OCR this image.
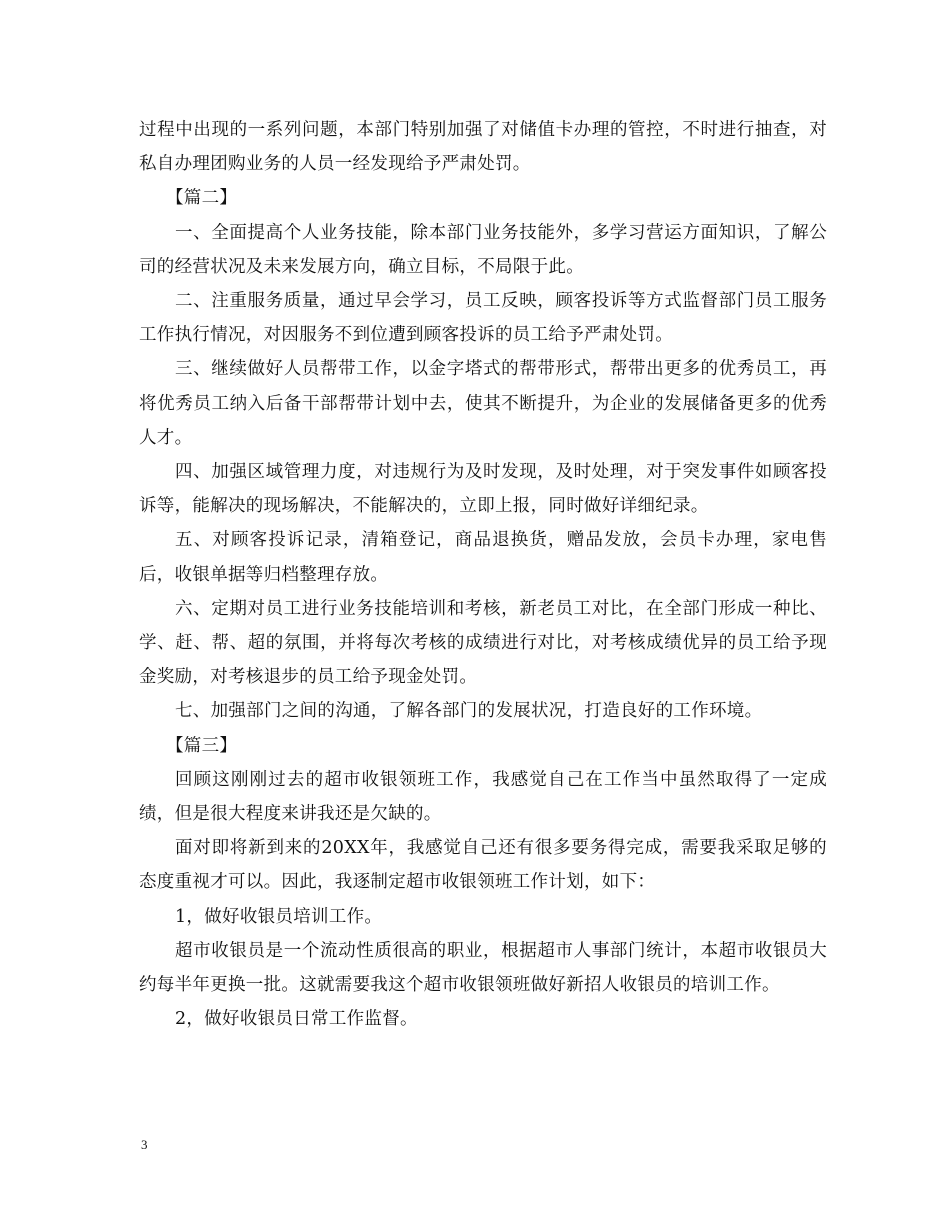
过程中出现的一系列问题，本部门特别加强了对储值卡办理的管控，不时进行抽查，对私自办理团购业务的人员一经发现给予严肃处罚。

【篇二】

一、全面提高个人业务技能，除本部门业务技能外，多学习营运方面知识，了解公司的经营状况及未来发展方向，确立目标，不局限于此。

二、注重服务质量，通过早会学习，员工反映，顾客投诉等方式监督部门员工服务工作执行情况，对因服务不到位遭到顾客投诉的员工给予严肃处罚。

三、继续做好人员帮带工作，以金字塔式的帮带形式，帮带出更多的优秀员工，再将优秀员工纳入后备干部帮带计划中去，使其不断提升，为企业的发展储备更多的优秀人才。

四、加强区域管理力度，对违规行为及时发现，及时处理，对于突发事件如顾客投诉等，能解决的现场解决，不能解决的，立即上报，同时做好详细纪录。

五、对顾客投诉记录，清箱登记，商品退换货，赠品发放，会员卡办理，家电售后，收银单据等归档整理存放。

六、定期对员工进行业务技能培训和考核，新老员工对比，在全部门形成一种比、学、赶、帮、超的氛围，并将每次考核的成绩进行对比，对考核成绩优异的员工给予现金奖励，对考核退步的员工给予现金处罚。

七、加强部门之间的沟通，了解各部门的发展状况，打造良好的工作环境。

【篇三】

回顾这刚刚过去的超市收银领班工作，我感觉自己在工作当中虽然取得了一定成绩，但是很大程度来讲我还是欠缺的。

面对即将新到来的20XX年，我感觉自己还有很多要务得完成，需要我采取足够的态度重视才可以。因此，我逐制定超市收银领班工作计划，如下：

1，做好收银员培训工作。

超市收银员是一个流动性质很高的职业，根据超市人事部门统计，本超市收银员大约每半年更换一批。这就需要我这个超市收银领班做好新招人收银员的培训工作。

2，做好收银员日常工作监督。

3
